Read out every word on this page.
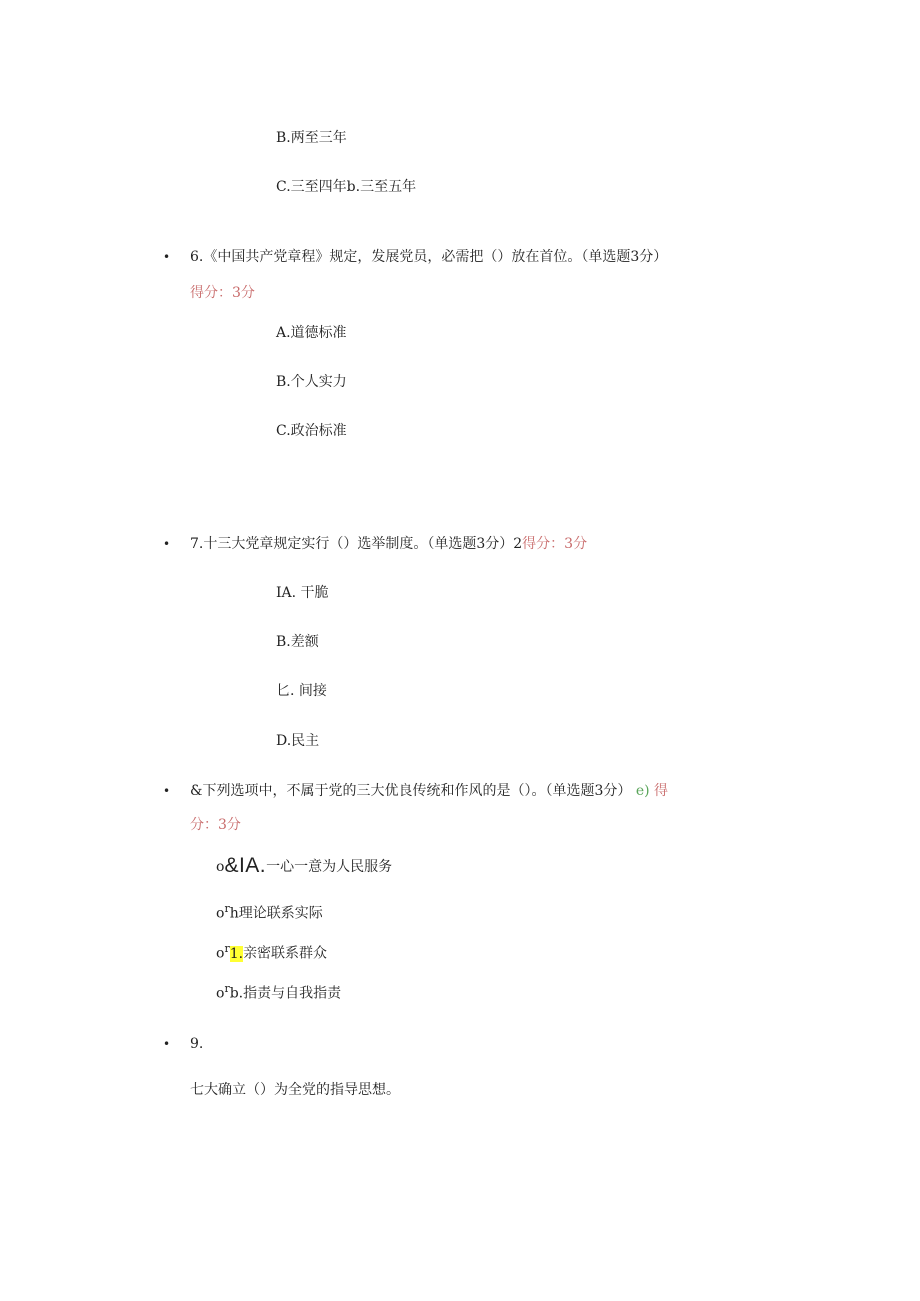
B.两至三年
C.三至四年b.三至五年
• 6.《中国共产党章程》规定，发展党员，必需把（）放在首位。（单选题3分）
得分：3分
A.道德标准
B.个人实力
C.政治标准
• 7.十三大党章规定实行（）选举制度。（单选题3分）2得分：3分
IA. 干脆
B.差额
匕. 间接
D.民主
• &下列选项中，不属于党的三大优良传统和作风的是（）。（单选题3分） e) 得
分：3分
o&IA.一心一意为人民服务
$o^rh$理论联系实际
$o^r1$.亲密联系群众
$o^rb$.指责与自我指责
• 9.
七大确立（）为全党的指导思想。
